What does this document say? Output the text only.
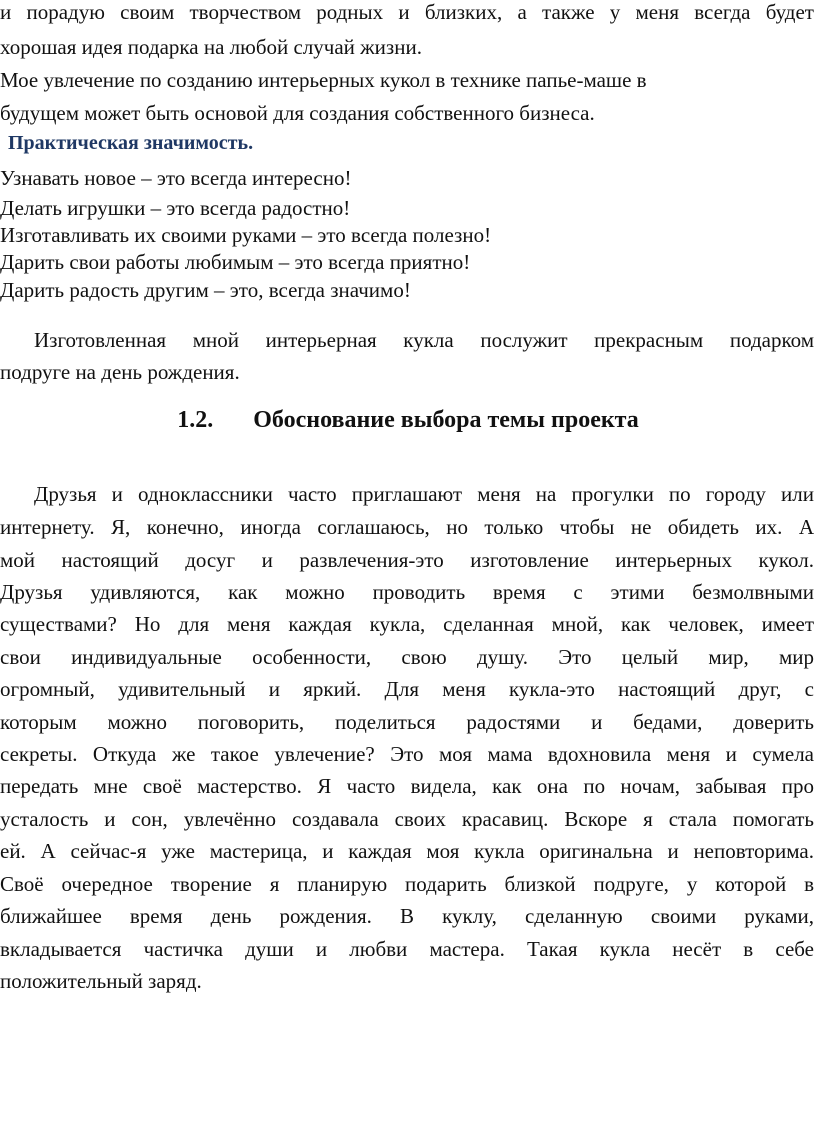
и порадую своим творчеством родных и близких, а также у меня всегда будет
хорошая идея подарка на любой случай жизни.
Мое увлечение по созданию интерьерных кукол в технике папье-маше в
будущем может быть основой для создания собственного бизнеса.
Практическая значимость.
Узнавать новое – это всегда интересно!
Делать игрушки – это всегда радостно!
Изготавливать их своими руками – это всегда полезно!
Дарить свои работы любимым – это всегда приятно!
Дарить радость другим – это, всегда значимо!
Изготовленная мной интерьерная кукла послужит прекрасным подарком
подруге на день рождения.
1.2. Обоснование выбора темы проекта
Друзья и одноклассники часто приглашают меня на прогулки по городу или
интернету. Я, конечно, иногда соглашаюсь, но только чтобы не обидеть их. А
мой настоящий досуг и развлечения-это изготовление интерьерных кукол.
Друзья удивляются, как можно проводить время с этими безмолвными
существами? Но для меня каждая кукла, сделанная мной, как человек, имеет
свои индивидуальные особенности, свою душу. Это целый мир, мир
огромный, удивительный и яркий. Для меня кукла-это настоящий друг, с
которым можно поговорить, поделиться радостями и бедами, доверить
секреты. Откуда же такое увлечение? Это моя мама вдохновила меня и сумела
передать мне своё мастерство. Я часто видела, как она по ночам, забывая про
усталость и сон, увлечённо создавала своих красавиц. Вскоре я стала помогать
ей. А сейчас-я уже мастерица, и каждая моя кукла оригинальна и неповторима.
Своё очередное творение я планирую подарить близкой подруге, у которой в
ближайшее время день рождения. В куклу, сделанную своими руками,
вкладывается частичка души и любви мастера. Такая кукла несёт в себе
положительный заряд.
